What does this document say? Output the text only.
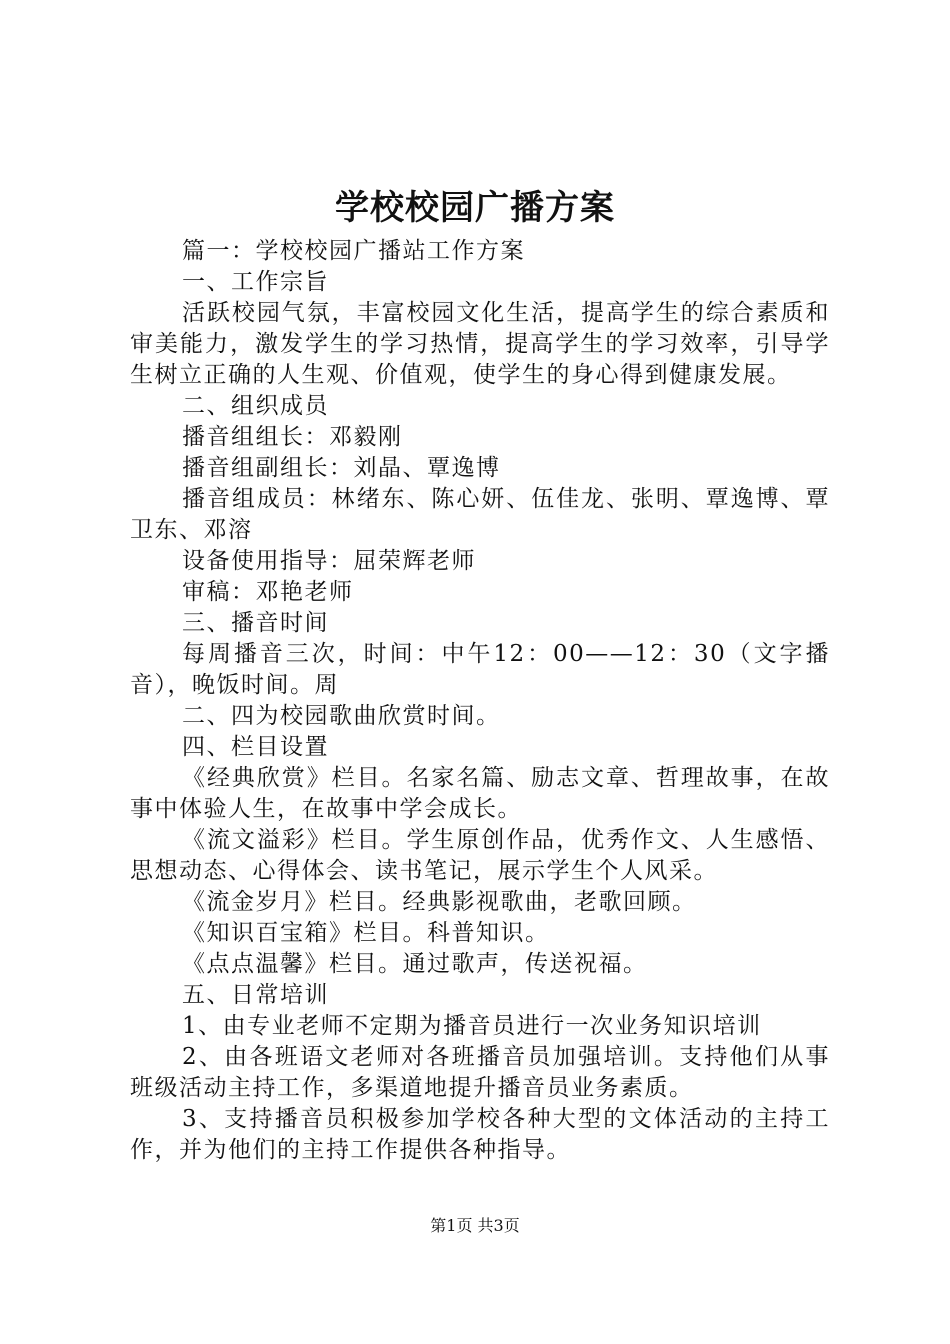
学校校园广播方案

篇一：学校校园广播站工作方案

一、工作宗旨

活跃校园气氛，丰富校园文化生活，提高学生的综合素质和审美能力，激发学生的学习热情，提高学生的学习效率，引导学生树立正确的人生观、价值观，使学生的身心得到健康发展。

二、组织成员

播音组组长：邓毅刚

播音组副组长：刘晶、覃逸博

播音组成员：林绪东、陈心妍、伍佳龙、张明、覃逸博、覃卫东、邓溶

设备使用指导：屈荣辉老师

审稿：邓艳老师

三、播音时间

每周播音三次，时间：中午12：00——12：30（文字播音），晚饭时间。周

二、四为校园歌曲欣赏时间。

四、栏目设置

《经典欣赏》栏目。名家名篇、励志文章、哲理故事，在故事中体验人生，在故事中学会成长。

《流文溢彩》栏目。学生原创作品，优秀作文、人生感悟、思想动态、心得体会、读书笔记，展示学生个人风采。

《流金岁月》栏目。经典影视歌曲，老歌回顾。

《知识百宝箱》栏目。科普知识。

《点点温馨》栏目。通过歌声，传送祝福。

五、日常培训

1、由专业老师不定期为播音员进行一次业务知识培训

2、由各班语文老师对各班播音员加强培训。支持他们从事班级活动主持工作，多渠道地提升播音员业务素质。

3、支持播音员积极参加学校各种大型的文体活动的主持工作，并为他们的主持工作提供各种指导。

第1页 共3页
